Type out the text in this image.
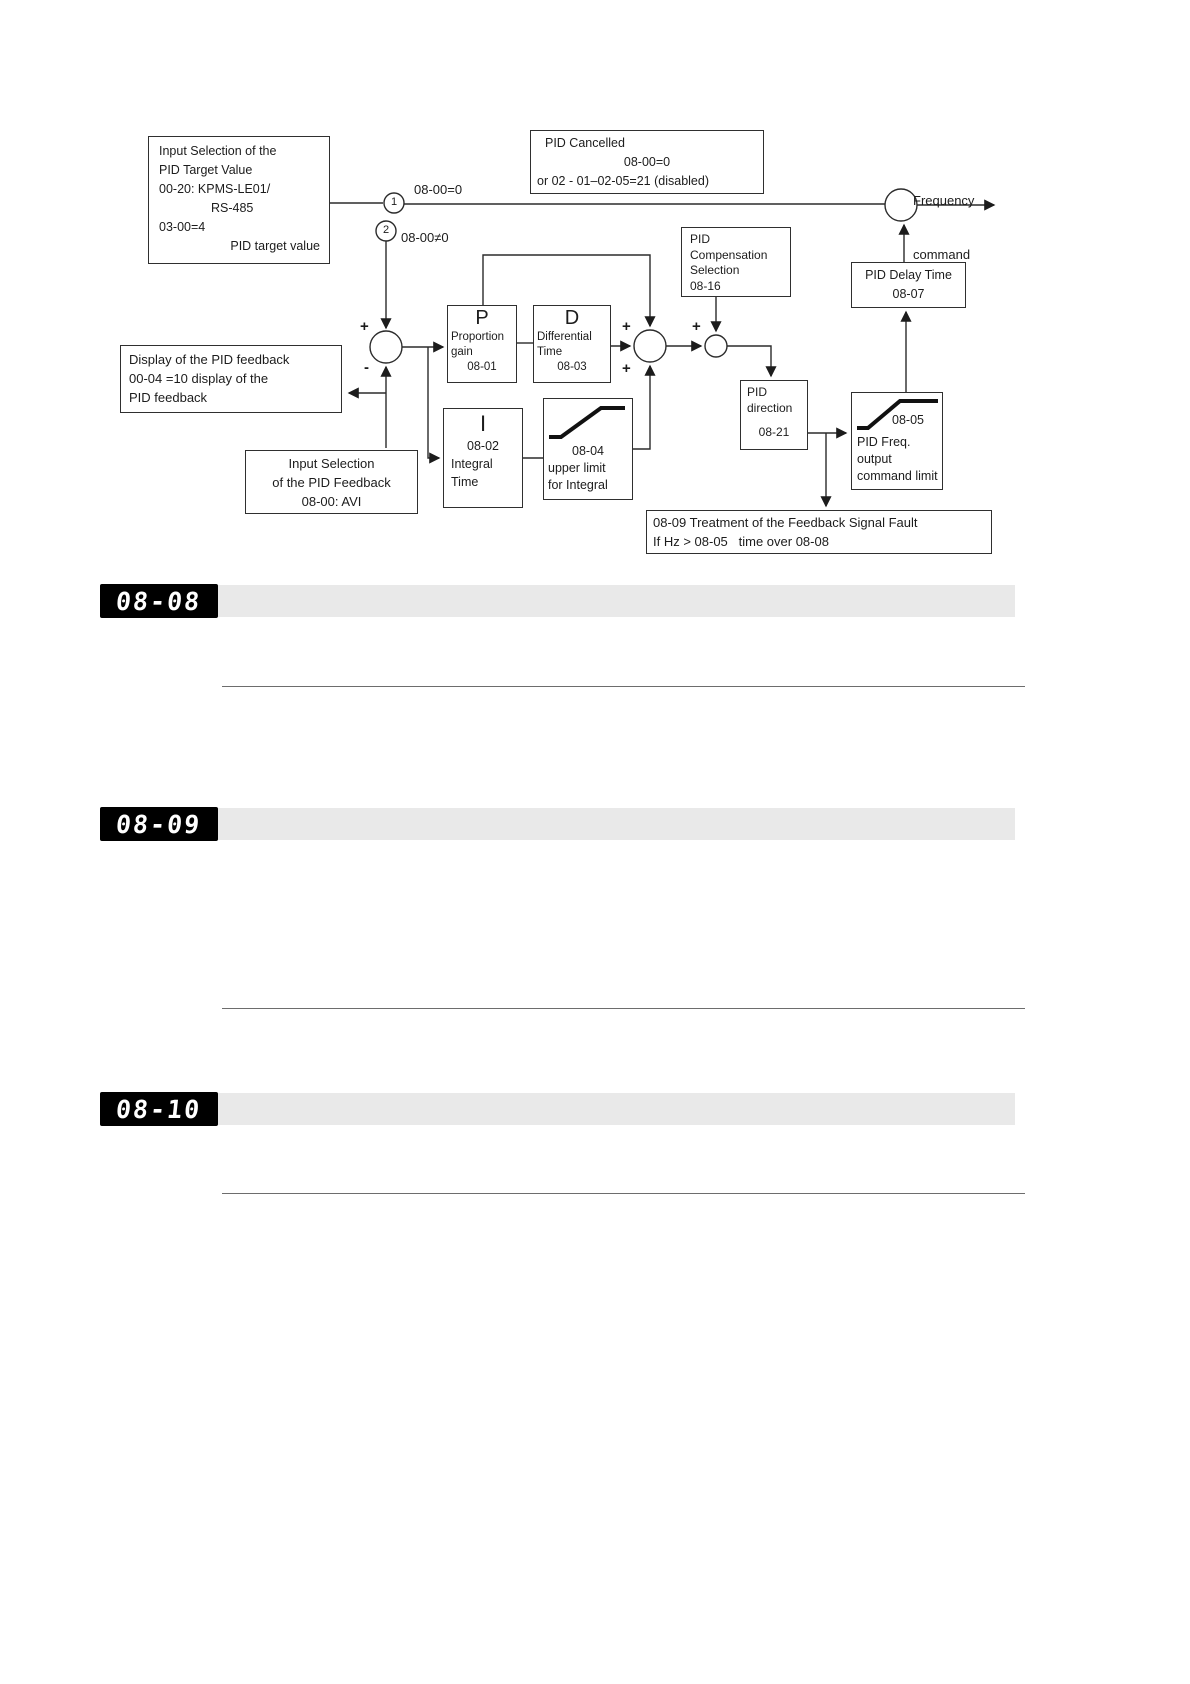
Input Selection of the
PID Target Value
00-20: KPMS-LE01/
RS-485
03-00=4
PID target value
PID Cancelled
08-00=0
or 02 - 01–02-05=21 (disabled)

Frequency

command

1
2
08-00=0
08-00≠0	PID
Compensation
Selection
08-16
PID Delay Time
08-07
P
Proportion
gain
08-01
D
Differential
Time
08-03
I
08-02
Integral
Time
08-04
upper limit
for Integral
PID
direction
08-21
08-05
PID Freq.
output
command limit
Display of the PID feedback
00-04 =10 display of the
PID feedback
Input Selection
of the PID Feedback
08-00: AVI
08-09 Treatment of the Feedback Signal Fault
If Hz > 08-05   time over 08-08
+
-
+
+
+
08-08
08-09
08-10
